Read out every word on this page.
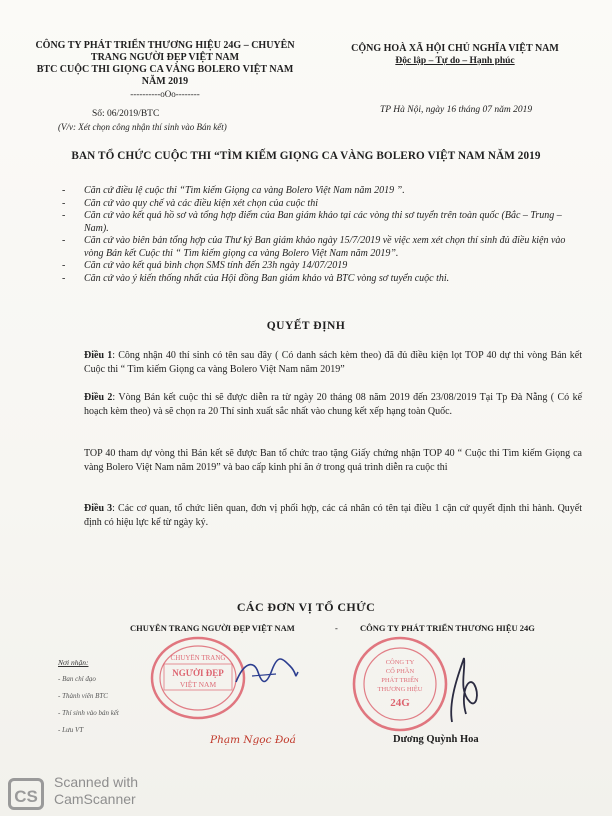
CÔNG TY PHÁT TRIỂN THƯƠNG HIỆU 24G – CHUYÊN
TRANG NGƯỜI ĐẸP VIỆT NAM
BTC CUỘC THI GIỌNG CA VÀNG BOLERO VIỆT NAM
NĂM 2019
----------oOo--------
CỘNG HOÀ XÃ HỘI CHỦ NGHĨA VIỆT NAM
Độc lập – Tự do – Hạnh phúc
Số: 06/2019/BTC	TP Hà Nội, ngày 16 tháng 07 năm 2019
(V/v: Xét chọn công nhận thí sinh vào Bán kết)
BAN TỔ CHỨC CUỘC THI “TÌM KIẾM GIỌNG CA VÀNG BOLERO VIỆT NAM NĂM 2019
-	Căn cứ điều lệ cuộc thi “Tìm kiếm Giọng ca vàng Bolero Việt Nam năm 2019 ”.
-	Căn cứ vào quy chế và các điều kiện xét chọn của cuộc thi
-	Căn cứ vào kết quả hồ sơ và tổng hợp điểm của Ban giám khảo tại các vòng thi sơ tuyển trên toàn quốc (Bắc – Trung – Nam).
-	Căn cứ vào biên bản tổng hợp của Thư ký Ban giám khảo ngày 15/7/2019 về việc xem xét chọn thí sinh đủ điều kiện vào vòng Bán kết Cuộc thi “ Tìm kiếm giọng ca vàng Bolero Việt Nam năm 2019”.
-	Căn cứ vào kết quả bình chọn SMS tính đến 23h ngày 14/07/2019
-	Căn cứ vào ý kiến thống nhất của Hội đồng Ban giám khảo và BTC vòng sơ tuyển cuộc thi.
QUYẾT ĐỊNH
Điều 1: Công nhận 40 thí sinh có tên sau đây ( Có danh sách kèm theo) đã đủ điều kiện lọt TOP 40 dự thi vòng Bán kết Cuộc thi “ Tìm kiếm Giọng ca vàng Bolero Việt Nam năm 2019”
Điều 2: Vòng Bán kết cuộc thi sẽ được diễn ra từ ngày 20 tháng 08 năm 2019 đến 23/08/2019 Tại Tp Đà Nẵng ( Có kế hoạch kèm theo) và sẽ chọn ra 20 Thí sinh xuất sắc nhất vào chung kết xếp hạng toàn Quốc.
TOP 40 tham dự vòng thi Bán kết sẽ được Ban tổ chức trao tặng Giấy chứng nhận TOP 40 “ Cuộc thi Tìm kiếm Giọng ca vàng Bolero Việt Nam năm 2019” và bao cấp kinh phí ăn ở trong quá trình diễn ra cuộc thi
Điều 3: Các cơ quan, tổ chức liên quan, đơn vị phối hợp, các cá nhân có tên tại điều 1 cận cứ quyết định thi hành. Quyết định có hiệu lực kể từ ngày ký.
CÁC ĐƠN VỊ TỔ CHỨC
CHUYÊN TRANG NGƯỜI ĐẸP VIỆT NAM	-	CÔNG TY PHÁT TRIỂN THƯƠNG HIỆU 24G
Nơi nhận:
- Ban chỉ đạo
- Thành viên BTC
- Thí sinh vào bán kết
- Lưu VT
CHUYÊN TRANG
NGƯỜI ĐẸP
VIỆT NAM
CÔNG TY
CỔ PHẦN
PHÁT TRIỂN
THƯƠNG HIỆU
24G
Phạm Ngọc Đoá	Dương Quỳnh Hoa
CS
Scanned with
CamScanner
